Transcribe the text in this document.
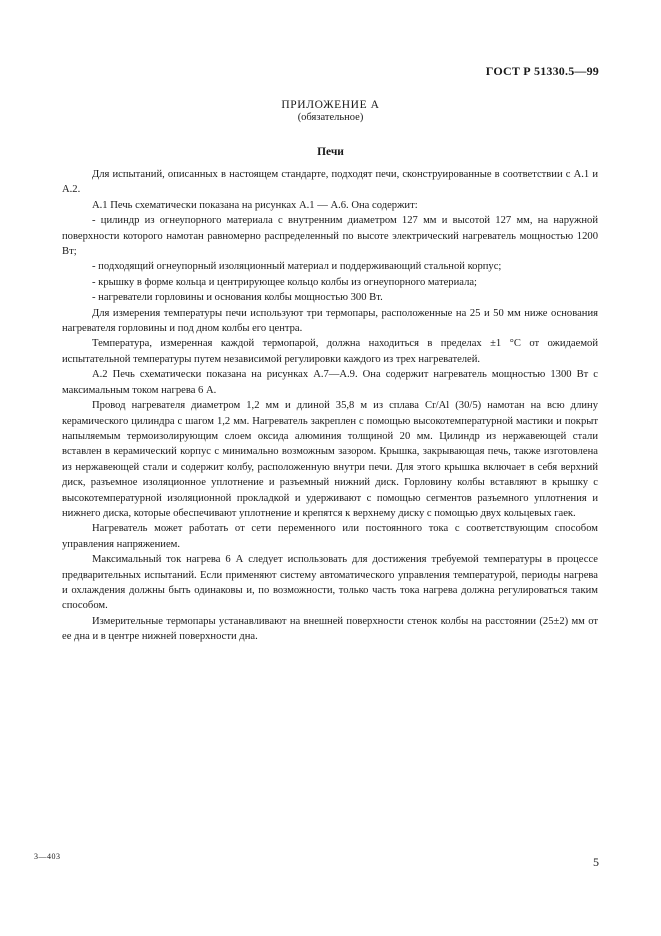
ГОСТ Р 51330.5—99
ПРИЛОЖЕНИЕ А
(обязательное)
Печи

Для испытаний, описанных в настоящем стандарте, подходят печи, сконструированные в соответствии с А.1 и А.2.

А.1 Печь схематически показана на рисунках А.1 — А.6. Она содержит:

- цилиндр из огнеупорного материала с внутренним диаметром 127 мм и высотой 127 мм, на наружной поверхности которого намотан равномерно распределенный по высоте электрический нагреватель мощностью 1200 Вт;

- подходящий огнеупорный изоляционный материал и поддерживающий стальной корпус;

- крышку в форме кольца и центрирующее кольцо колбы из огнеупорного материала;

- нагреватели горловины и основания колбы мощностью 300 Вт.

Для измерения температуры печи используют три термопары, расположенные на 25 и 50 мм ниже основания нагревателя горловины и под дном колбы его центра.

Температура, измеренная каждой термопарой, должна находиться в пределах ±1 °С от ожидаемой испытательной температуры путем независимой регулировки каждого из трех нагревателей.

А.2 Печь схематически показана на рисунках А.7—А.9. Она содержит нагреватель мощностью 1300 Вт с максимальным током нагрева 6 А.

Провод нагревателя диаметром 1,2 мм и длиной 35,8 м из сплава Cr/Al (30/5) намотан на всю длину керамического цилиндра с шагом 1,2 мм. Нагреватель закреплен с помощью высокотемпературной мастики и покрыт напыляемым термоизолирующим слоем оксида алюминия толщиной 20 мм. Цилиндр из нержавеющей стали вставлен в керамический корпус с минимально возможным зазором. Крышка, закрывающая печь, также изготовлена из нержавеющей стали и содержит колбу, расположенную внутри печи. Для этого крышка включает в себя верхний диск, разъемное изоляционное уплотнение и разъемный нижний диск. Горловину колбы вставляют в крышку с высокотемпературной изоляционной прокладкой и удерживают с помощью сегментов разъемного уплотнения и нижнего диска, которые обеспечивают уплотнение и крепятся к верхнему диску с помощью двух кольцевых гаек.

Нагреватель может работать от сети переменного или постоянного тока с соответствующим способом управления напряжением.

Максимальный ток нагрева 6 А следует использовать для достижения требуемой температуры в процессе предварительных испытаний. Если применяют систему автоматического управления температурой, периоды нагрева и охлаждения должны быть одинаковы и, по возможности, только часть тока нагрева должна регулироваться таким способом.

Измерительные термопары устанавливают на внешней поверхности стенок колбы на расстоянии (25±2) мм от ее дна и в центре нижней поверхности дна.

3—403	5
